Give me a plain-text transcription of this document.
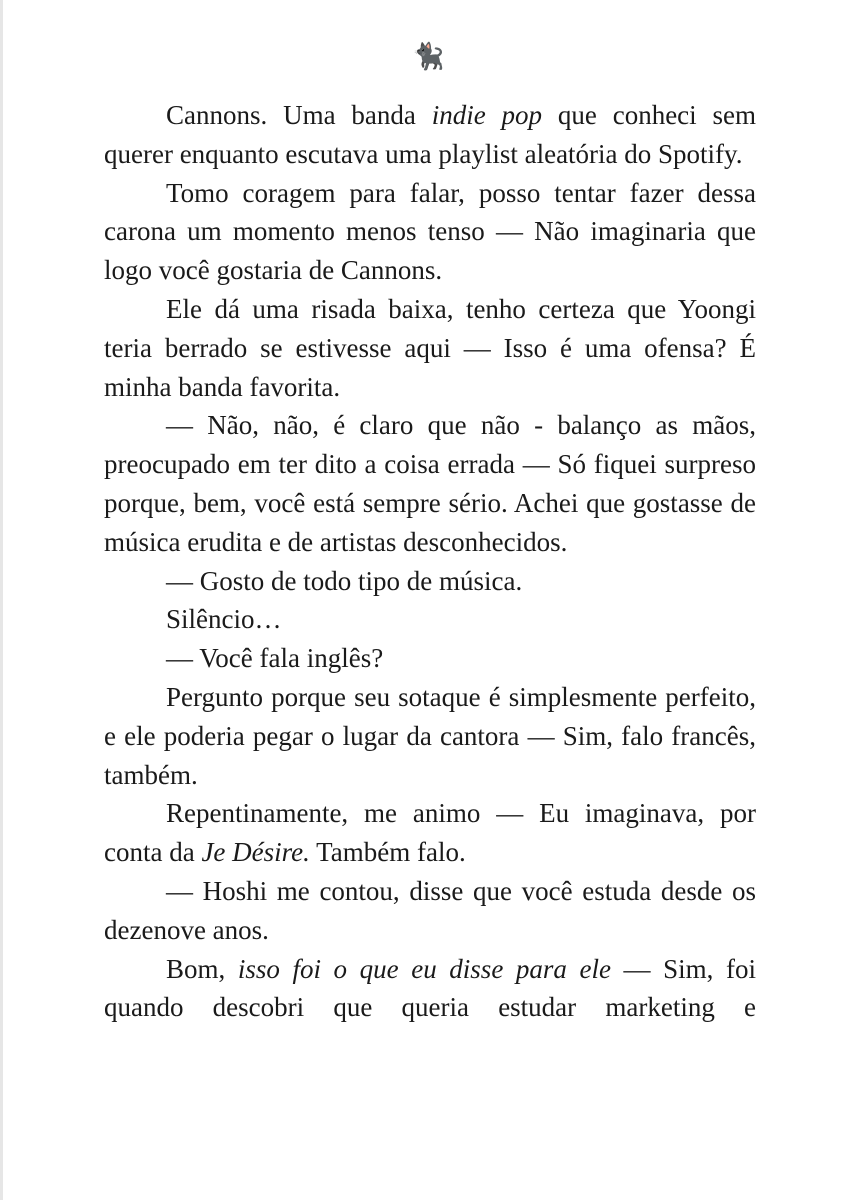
🐈‍⬛

Cannons. Uma banda indie pop que conheci sem querer enquanto escutava uma playlist aleatória do Spotify.

Tomo coragem para falar, posso tentar fazer dessa carona um momento menos tenso — Não imaginaria que logo você gostaria de Cannons.

Ele dá uma risada baixa, tenho certeza que Yoongi teria berrado se estivesse aqui — Isso é uma ofensa? É minha banda favorita.

— Não, não, é claro que não - balanço as mãos, preocupado em ter dito a coisa errada — Só fiquei surpreso porque, bem, você está sempre sério. Achei que gostasse de música erudita e de artistas desconhecidos.

— Gosto de todo tipo de música.

Silêncio…

— Você fala inglês?

Pergunto porque seu sotaque é simplesmente perfeito, e ele poderia pegar o lugar da cantora — Sim, falo francês, também.

Repentinamente, me animo — Eu imaginava, por conta da Je Désire. Também falo.

— Hoshi me contou, disse que você estuda desde os dezenove anos.

Bom, isso foi o que eu disse para ele — Sim, foi quando descobri que queria estudar marketing e
